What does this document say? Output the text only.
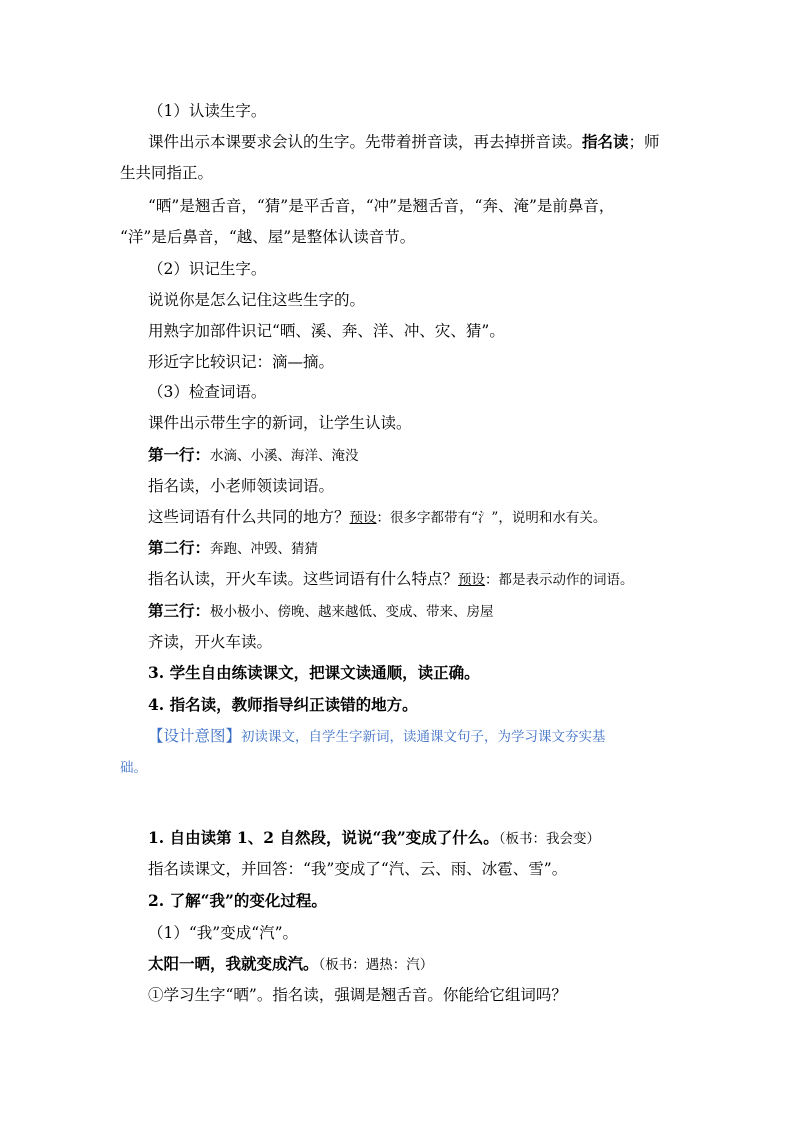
（1）认读生字。
课件出示本课要求会认的生字。先带着拼音读，再去掉拼音读。指名读；师
生共同指正。
“晒”是翘舌音，“猜”是平舌音，“冲”是翘舌音，“奔、淹”是前鼻音，
“洋”是后鼻音，“越、屋”是整体认读音节。
（2）识记生字。
说说你是怎么记住这些生字的。
用熟字加部件识记“晒、溪、奔、洋、冲、灾、猜”。
形近字比较识记：滴—摘。
（3）检查词语。
课件出示带生字的新词，让学生认读。
第一行：水滴、小溪、海洋、淹没
指名读，小老师领读词语。
这些词语有什么共同的地方？预设：很多字都带有“氵”，说明和水有关。
第二行：奔跑、冲毁、猜猜
指名认读，开火车读。这些词语有什么特点？预设：都是表示动作的词语。
第三行：极小极小、傍晚、越来越低、变成、带来、房屋
齐读，开火车读。
3. 学生自由练读课文，把课文读通顺，读正确。
4. 指名读，教师指导纠正读错的地方。
【设计意图】初读课文，自学生字新词，读通课文句子，为学习课文夯实基
础。
1. 自由读第 1、2 自然段，说说“我”变成了什么。（板书：我会变）
指名读课文，并回答：“我”变成了“汽、云、雨、冰雹、雪”。
2. 了解“我”的变化过程。
（1）“我”变成“汽”。
太阳一晒，我就变成汽。（板书：遇热：汽）
①学习生字“晒”。指名读，强调是翘舌音。你能给它组词吗？
